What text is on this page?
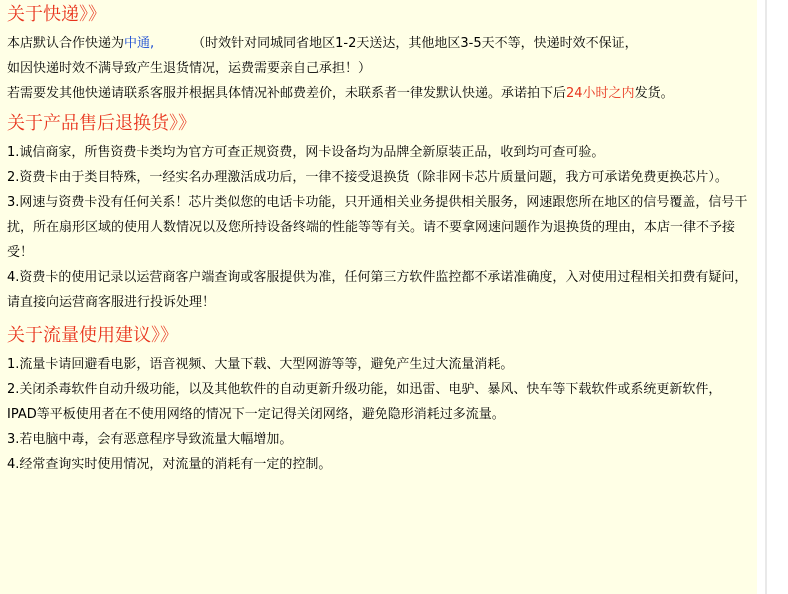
关于快递》》

本店默认合作快递为中通,	（时效针对同城同省地区1-2天送达，其他地区3-5天不等，快递时效不保证，
如因快递时效不满导致产生退货情况，运费需要亲自己承担！）
若需要发其他快递请联系客服并根据具体情况补邮费差价，未联系者一律发默认快递。承诺拍下后24小时之内发货。

关于产品售后退换货》》

1.诚信商家，所售资费卡类均为官方可查正规资费，网卡设备均为品牌全新原装正品，收到均可查可验。

2.资费卡由于类目特殊，一经实名办理激活成功后，一律不接受退换货（除非网卡芯片质量问题，我方可承诺免费更换芯片）。

3.网速与资费卡没有任何关系！芯片类似您的电话卡功能，只开通相关业务提供相关服务，网速跟您所在地区的信号覆盖，信号干扰，所在扇形区域的使用人数情况以及您所持设备终端的性能等等有关。请不要拿网速问题作为退换货的理由，本店一律不予接受！

4.资费卡的使用记录以运营商客户端查询或客服提供为准，任何第三方软件监控都不承诺准确度，入对使用过程相关扣费有疑问，请直接向运营商客服进行投诉处理！

关于流量使用建议》》

1.流量卡请回避看电影，语音视频、大量下载、大型网游等等，避免产生过大流量消耗。

2.关闭杀毒软件自动升级功能，以及其他软件的自动更新升级功能，如迅雷、电驴、暴风、快车等下载软件或系统更新软件，IPAD等平板使用者在不使用网络的情况下一定记得关闭网络，避免隐形消耗过多流量。

3.若电脑中毒，会有恶意程序导致流量大幅增加。

4.经常查询实时使用情况，对流量的消耗有一定的控制。
